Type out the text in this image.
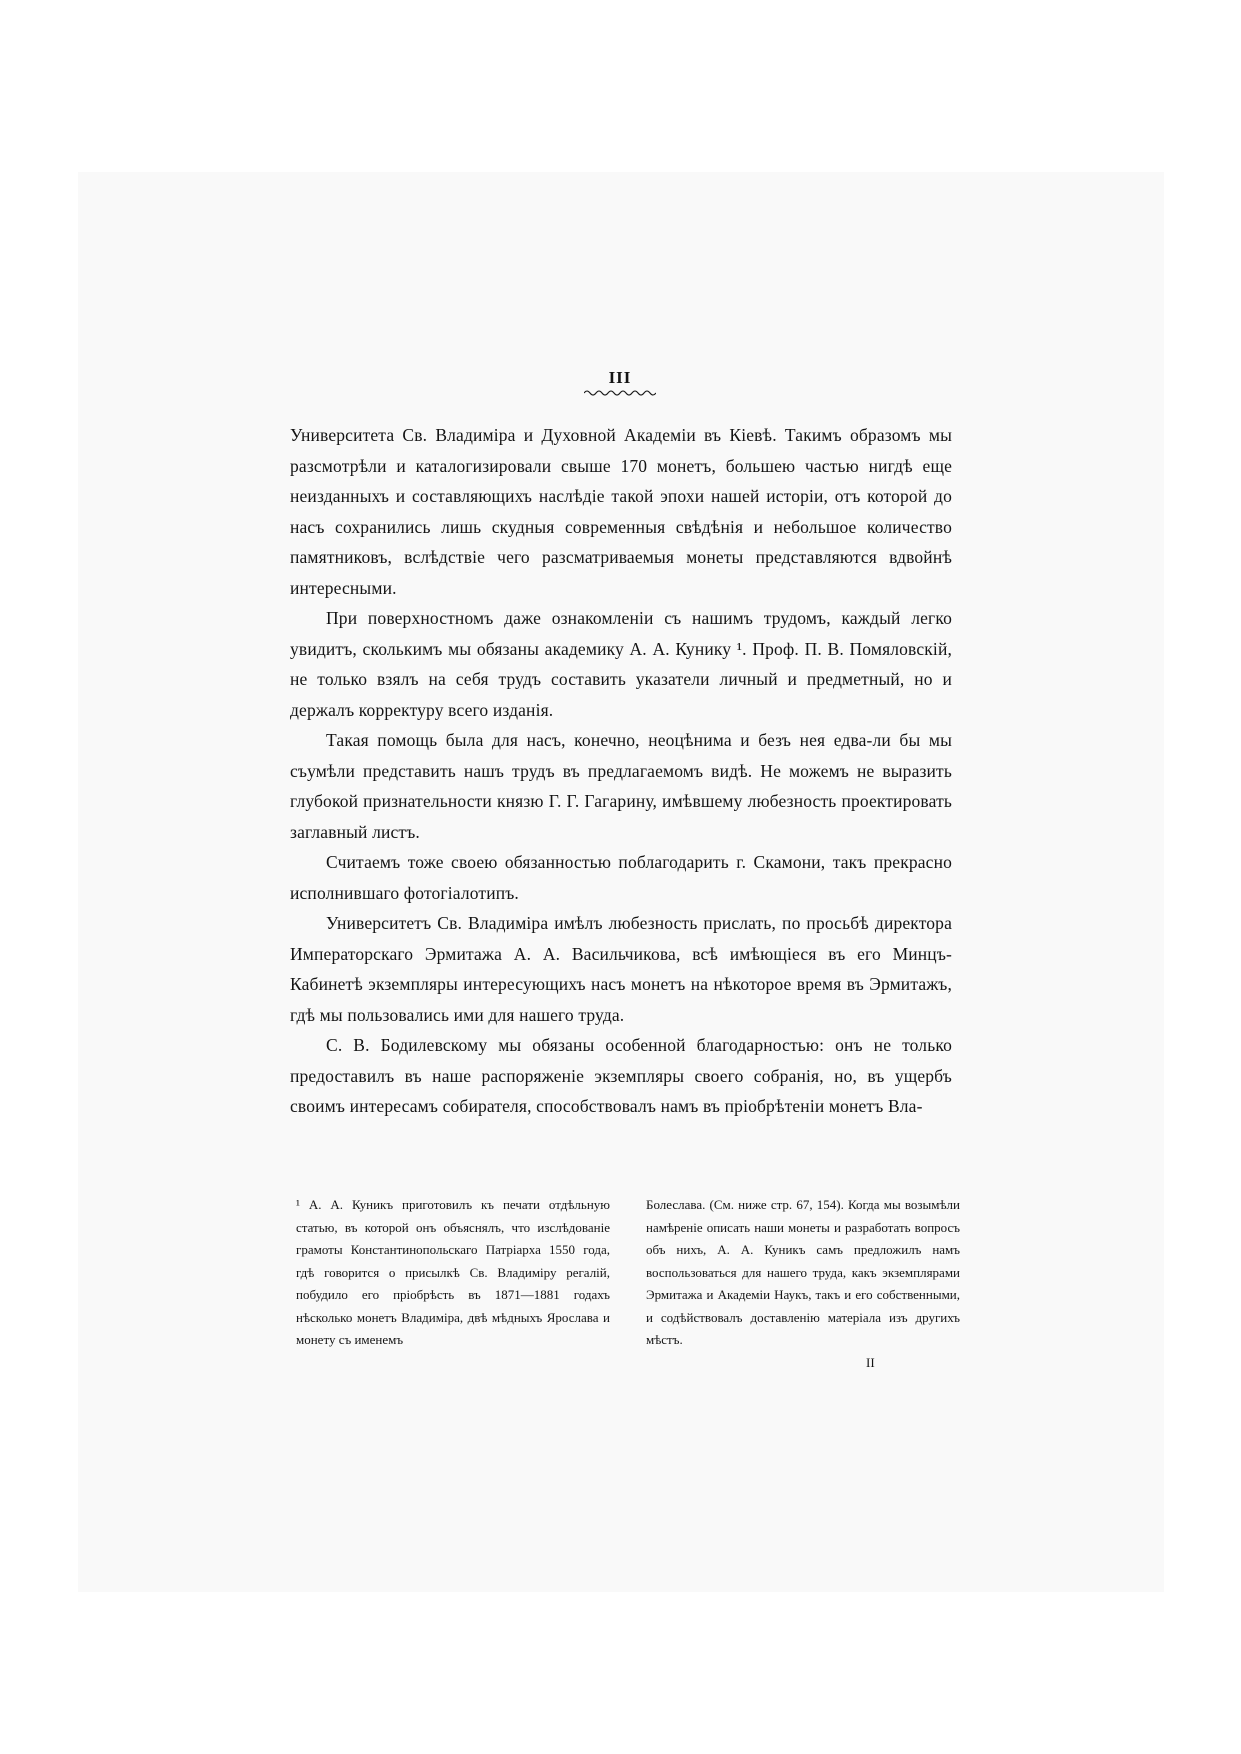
III

Университета Св. Владиміра и Духовной Академіи въ Кіевѣ. Такимъ образомъ мы разсмотрѣли и каталогизировали свыше 170 монетъ, большею частью нигдѣ еще неизданныхъ и составляющихъ наслѣдіе такой эпохи нашей исторіи, отъ которой до насъ сохранились лишь скудныя современныя свѣдѣнія и небольшое количество памятниковъ, вслѣдствіе чего разсматриваемыя монеты представляются вдвойнѣ интересными.

При поверхностномъ даже ознакомленіи съ нашимъ трудомъ, каждый легко увидитъ, сколькимъ мы обязаны академику А. А. Кунику ¹. Проф. П. В. Помяловскій, не только взялъ на себя трудъ составить указатели личный и предметный, но и держалъ корректуру всего изданія.

Такая помощь была для насъ, конечно, неоцѣнима и безъ нея едва-ли бы мы съумѣли представить нашъ трудъ въ предлагаемомъ видѣ. Не можемъ не выразить глубокой признательности князю Г. Г. Гагарину, имѣвшему любезность проектировать заглавный листъ.

Считаемъ тоже своею обязанностью поблагодарить г. Скамони, такъ прекрасно исполнившаго фотогіалотипъ.

Университетъ Св. Владиміра имѣлъ любезность прислать, по просьбѣ директора Императорскаго Эрмитажа А. А. Васильчикова, всѣ имѣющіеся въ его Минцъ-Кабинетѣ экземпляры интересующихъ насъ монетъ на нѣкоторое время въ Эрмитажъ, гдѣ мы пользовались ими для нашего труда.

С. В. Бодилевскому мы обязаны особенной благодарностью: онъ не только предоставилъ въ наше распоряженіе экземпляры своего собранія, но, въ ущербъ своимъ интересамъ собирателя, способствовалъ намъ въ пріобрѣтеніи монетъ Вла-

¹ А. А. Куникъ приготовилъ къ печати отдѣльную статью, въ которой онъ объяснялъ, что изслѣдованіе грамоты Константинопольскаго Патріарха 1550 года, гдѣ говорится о присылкѣ Св. Владиміру регалій, побудило его пріобрѣсть въ 1871—1881 годахъ нѣсколько монетъ Владиміра, двѣ мѣдныхъ Ярослава и монету съ именемъ
Болеслава. (См. ниже стр. 67, 154). Когда мы возымѣли намѣреніе описать наши монеты и разработать вопросъ объ нихъ, А. А. Куникъ самъ предложилъ намъ воспользоваться для нашего труда, какъ экземплярами Эрмитажа и Академіи Наукъ, такъ и его собственными, и содѣйствовалъ доставленію матеріала изъ другихъ мѣстъ.
II
